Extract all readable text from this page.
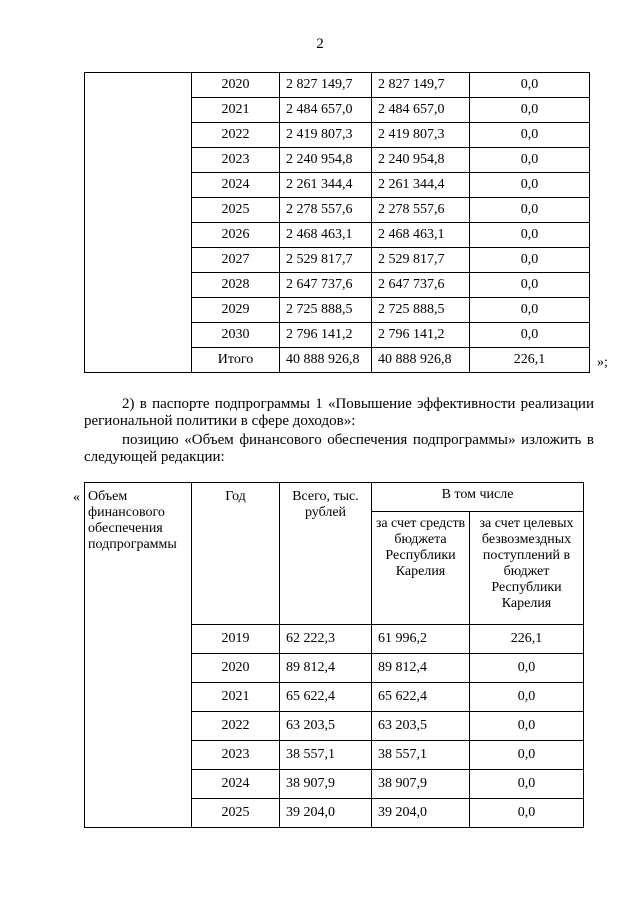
2
	2020	2 827 149,7	2 827 149,7	0,0
	2021	2 484 657,0	2 484 657,0	0,0
	2022	2 419 807,3	2 419 807,3	0,0
	2023	2 240 954,8	2 240 954,8	0,0
	2024	2 261 344,4	2 261 344,4	0,0
	2025	2 278 557,6	2 278 557,6	0,0
	2026	2 468 463,1	2 468 463,1	0,0
	2027	2 529 817,7	2 529 817,7	0,0
	2028	2 647 737,6	2 647 737,6	0,0
	2029	2 725 888,5	2 725 888,5	0,0
	2030	2 796 141,2	2 796 141,2	0,0
	Итого	40 888 926,8	40 888 926,8	226,1	»;
2) в паспорте подпрограммы 1 «Повышение эффективности реализации региональной политики в сфере доходов»:
позицию «Объем финансового обеспечения подпрограммы» изложить в следующей редакции:
« Объем финансового обеспечения подпрограммы	Год	Всего, тыс. рублей	В том числе	
			за счет средств бюджета Республики Карелия	за счет целевых безвозмездных поступлений в бюджет Республики Карелия
	2019	62 222,3	61 996,2	226,1
	2020	89 812,4	89 812,4	0,0
	2021	65 622,4	65 622,4	0,0
	2022	63 203,5	63 203,5	0,0
	2023	38 557,1	38 557,1	0,0
	2024	38 907,9	38 907,9	0,0
	2025	39 204,0	39 204,0	0,0
